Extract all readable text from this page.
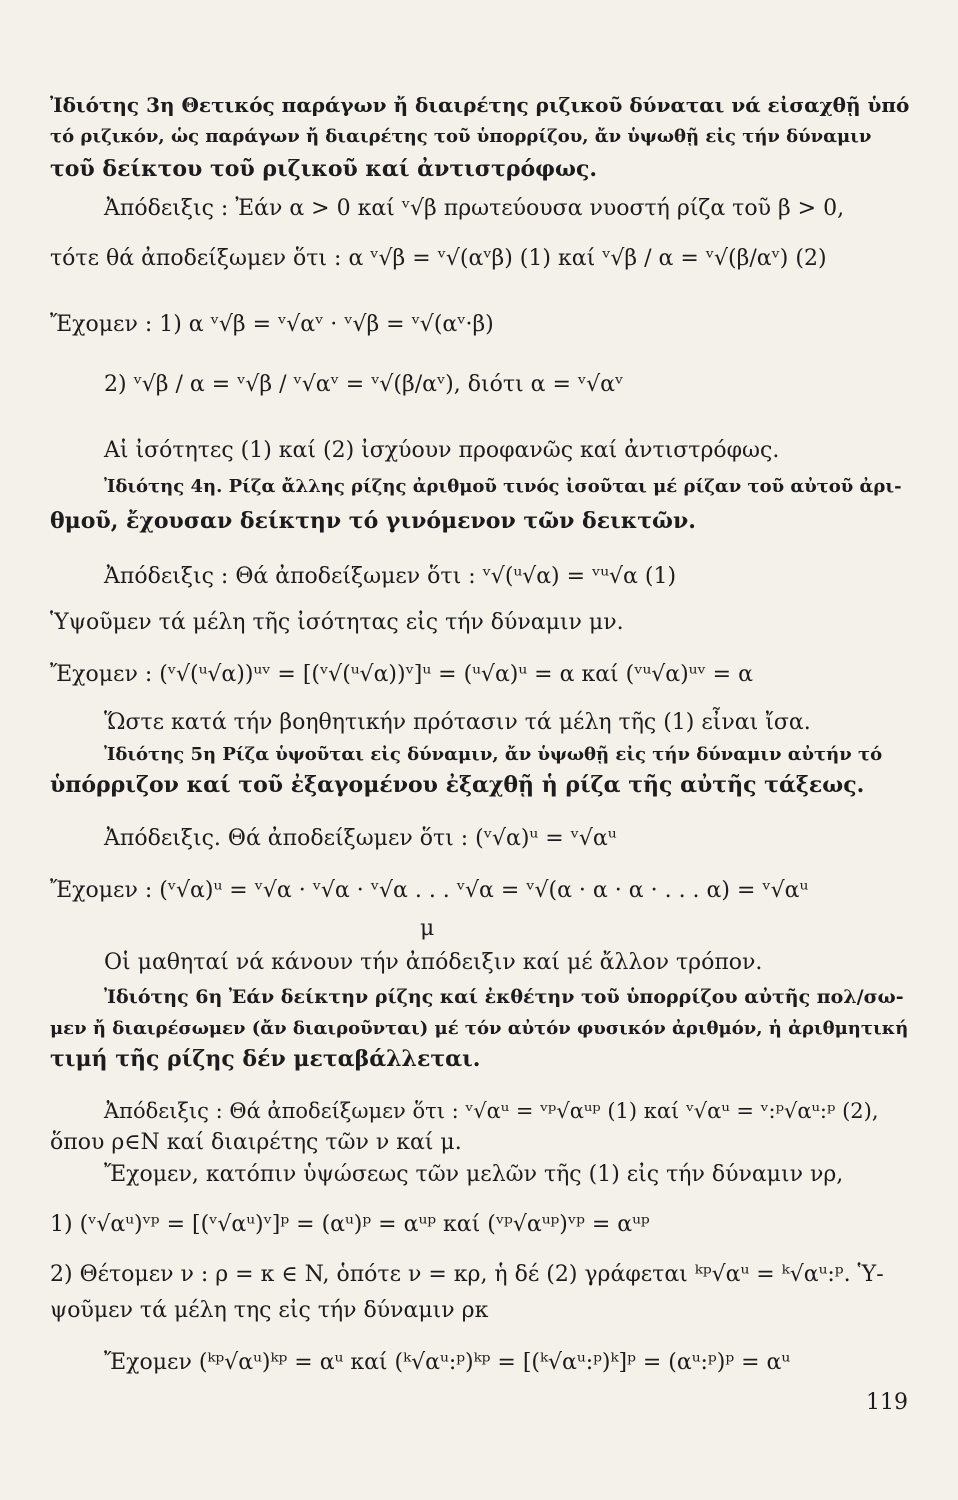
Ἰδιότης 3η Θετικός παράγων ἤ διαιρέτης ριζικοῦ δύναται νά εἰσαχθῇ ὑπό
τό ριζικόν, ὡς παράγων ἤ διαιρέτης τοῦ ὑπορρίζου, ἄν ὑψωθῇ εἰς τήν δύναμιν
τοῦ δείκτου τοῦ ριζικοῦ καί ἀντιστρόφως.
Ἀπόδειξις : Ἐάν α > 0 καί ᵛ√β πρωτεύουσα νυοστή ρίζα τοῦ β > 0,
τότε θά ἀποδείξωμεν ὅτι : α ᵛ√β = ᵛ√(αᵛβ) (1) καί ᵛ√β / α = ᵛ√(β/αᵛ) (2)
Ἔχομεν : 1) α ᵛ√β = ᵛ√αᵛ · ᵛ√β = ᵛ√(αᵛ·β)
2) ᵛ√β / α = ᵛ√β / ᵛ√αᵛ = ᵛ√(β/αᵛ), διότι α = ᵛ√αᵛ
Αἱ ἰσότητες (1) καί (2) ἰσχύουν προφανῶς καί ἀντιστρόφως.
Ἰδιότης 4η. Ρίζα ἄλλης ρίζης ἀριθμοῦ τινός ἰσοῦται μέ ρίζαν τοῦ αὐτοῦ ἀρι-
θμοῦ, ἔχουσαν δείκτην τό γινόμενον τῶν δεικτῶν.
Ἀπόδειξις : Θά ἀποδείξωμεν ὅτι : ᵛ√(ᵘ√α) = ᵛᵘ√α (1)
Ὑψοῦμεν τά μέλη τῆς ἰσότητας εἰς τήν δύναμιν μν.
Ἔχομεν : (ᵛ√(ᵘ√α))ᵘᵛ = [(ᵛ√(ᵘ√α))ᵛ]ᵘ = (ᵘ√α)ᵘ = α καί (ᵛᵘ√α)ᵘᵛ = α
Ὥστε κατά τήν βοηθητικήν πρότασιν τά μέλη τῆς (1) εἶναι ἴσα.
Ἰδιότης 5η Ρίζα ὑψοῦται εἰς δύναμιν, ἄν ὑψωθῇ εἰς τήν δύναμιν αὐτήν τό
ὑπόρριζον καί τοῦ ἐξαγομένου ἐξαχθῇ ἡ ρίζα τῆς αὐτῆς τάξεως.
Ἀπόδειξις. Θά ἀποδείξωμεν ὅτι : (ᵛ√α)ᵘ = ᵛ√αᵘ
Ἔχομεν : (ᵛ√α)ᵘ = ᵛ√α · ᵛ√α · ᵛ√α . . . ᵛ√α = ᵛ√(α · α · α · . . . α) = ᵛ√αᵘ
μ
Οἱ μαθηταί νά κάνουν τήν ἀπόδειξιν καί μέ ἄλλον τρόπον.
Ἰδιότης 6η Ἐάν δείκτην ρίζης καί ἐκθέτην τοῦ ὑπορρίζου αὐτῆς πολ/σω-
μεν ἤ διαιρέσωμεν (ἄν διαιροῦνται) μέ τόν αὐτόν φυσικόν ἀριθμόν, ἡ ἀριθμητική
τιμή τῆς ρίζης δέν μεταβάλλεται.
Ἀπόδειξις : Θά ἀποδείξωμεν ὅτι : ᵛ√αᵘ = ᵛᵖ√αᵘᵖ (1) καί ᵛ√αᵘ = ᵛ:ᵖ√αᵘ:ᵖ (2),
ὅπου ρ∈N καί διαιρέτης τῶν ν καί μ.
Ἔχομεν, κατόπιν ὑψώσεως τῶν μελῶν τῆς (1) εἰς τήν δύναμιν νρ,
1) (ᵛ√αᵘ)ᵛᵖ = [(ᵛ√αᵘ)ᵛ]ᵖ = (αᵘ)ᵖ = αᵘᵖ καί (ᵛᵖ√αᵘᵖ)ᵛᵖ = αᵘᵖ
2) Θέτομεν ν : ρ = κ ∈ N, ὁπότε ν = κρ, ἡ δέ (2) γράφεται ᵏᵖ√αᵘ = ᵏ√αᵘ:ᵖ. Ὑ-
ψοῦμεν τά μέλη της εἰς τήν δύναμιν ρκ
Ἔχομεν (ᵏᵖ√αᵘ)ᵏᵖ = αᵘ καί (ᵏ√αᵘ:ᵖ)ᵏᵖ = [(ᵏ√αᵘ:ᵖ)ᵏ]ᵖ = (αᵘ:ᵖ)ᵖ = αᵘ
119
